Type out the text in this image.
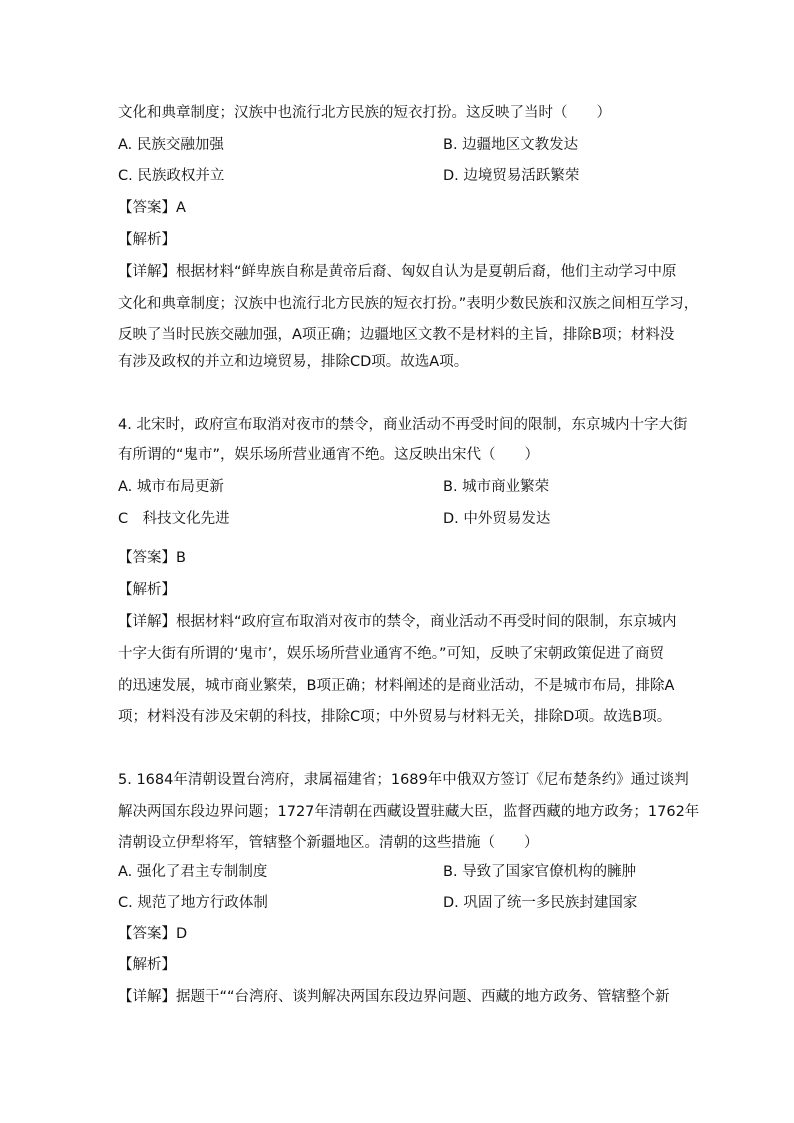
文化和典章制度；汉族中也流行北方民族的短衣打扮。这反映了当时（　　）
A. 民族交融加强	B. 边疆地区文教发达
C. 民族政权并立	D. 边境贸易活跃繁荣
【答案】A
【解析】
【详解】根据材料“鲜卑族自称是黄帝后裔、匈奴自认为是夏朝后裔，他们主动学习中原
文化和典章制度；汉族中也流行北方民族的短衣打扮。”表明少数民族和汉族之间相互学习，
反映了当时民族交融加强，A项正确；边疆地区文教不是材料的主旨，排除B项；材料没
有涉及政权的并立和边境贸易，排除CD项。故选A项。
4. 北宋时，政府宣布取消对夜市的禁令，商业活动不再受时间的限制，东京城内十字大街
有所谓的“鬼市”，娱乐场所营业通宵不绝。这反映出宋代（　　）
A. 城市布局更新	B. 城市商业繁荣
C　科技文化先进	D. 中外贸易发达
【答案】B
【解析】
【详解】根据材料“政府宣布取消对夜市的禁令，商业活动不再受时间的限制，东京城内
十字大街有所谓的‘鬼市’，娱乐场所营业通宵不绝。”可知，反映了宋朝政策促进了商贸
的迅速发展，城市商业繁荣，B项正确；材料阐述的是商业活动，不是城市布局，排除A
项；材料没有涉及宋朝的科技，排除C项；中外贸易与材料无关，排除D项。故选B项。
5. 1684年清朝设置台湾府，隶属福建省；1689年中俄双方签订《尼布楚条约》通过谈判
解决两国东段边界问题；1727年清朝在西藏设置驻藏大臣，监督西藏的地方政务；1762年
清朝设立伊犁将军，管辖整个新疆地区。清朝的这些措施（　　）
A. 强化了君主专制制度	B. 导致了国家官僚机构的臃肿
C. 规范了地方行政体制	D. 巩固了统一多民族封建国家
【答案】D
【解析】
【详解】据题干““台湾府、谈判解决两国东段边界问题、西藏的地方政务、管辖整个新
